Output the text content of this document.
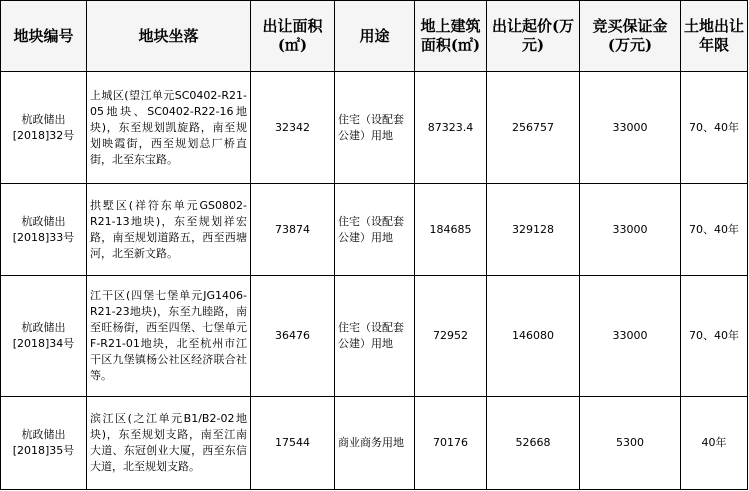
地块编号	地块坐落	出让面积(㎡)	用途	地上建筑面积(㎡)	出让起价(万元)	竞买保证金(万元)	土地出让年限
杭政储出[2018]32号	上城区(望江单元SC0402-R21-05地块、SC0402-R22-16地块)，东至规划凯旋路，南至规划映霞街，西至规划总厂桥直街，北至东宝路。	32342	住宅（设配套公建）用地	87323.4	256757	33000	70、40年
杭政储出[2018]33号	拱墅区(祥符东单元GS0802-R21-13地块)，东至规划祥宏路，南至规划道路五，西至西塘河，北至新文路。	73874	住宅（设配套公建）用地	184685	329128	33000	70、40年
杭政储出[2018]34号	江干区(四堡七堡单元JG1406-R21-23地块)，东至九睦路，南至旺杨街，西至四堡、七堡单元F-R21-01地块，北至杭州市江干区九堡镇杨公社区经济联合社等。	36476	住宅（设配套公建）用地	72952	146080	33000	70、40年
杭政储出[2018]35号	滨江区(之江单元B1/B2-02地块)，东至规划支路，南至江南大道、东冠创业大厦，西至东信大道，北至规划支路。	17544	商业商务用地	70176	52668	5300	40年
